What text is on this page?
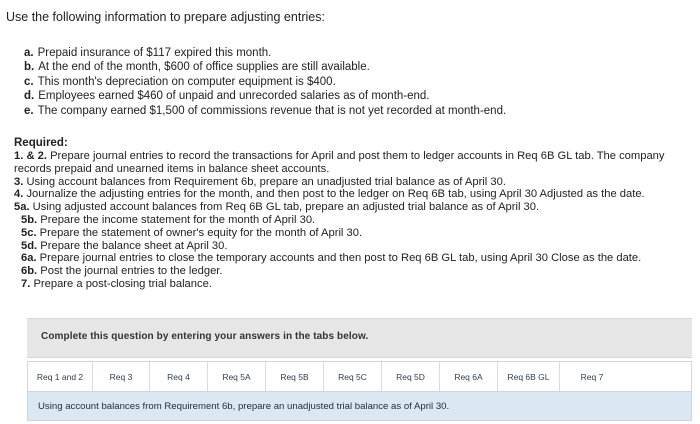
Use the following information to prepare adjusting entries:
a. Prepaid insurance of $117 expired this month.
b. At the end of the month, $600 of office supplies are still available.
c. This month's depreciation on computer equipment is $400.
d. Employees earned $460 of unpaid and unrecorded salaries as of month-end.
e. The company earned $1,500 of commissions revenue that is not yet recorded at month-end.
Required:
1. & 2. Prepare journal entries to record the transactions for April and post them to ledger accounts in Req 6B GL tab. The company records prepaid and unearned items in balance sheet accounts.
3. Using account balances from Requirement 6b, prepare an unadjusted trial balance as of April 30.
4. Journalize the adjusting entries for the month, and then post to the ledger on Req 6B tab, using April 30 Adjusted as the date.
5a. Using adjusted account balances from Req 6B GL tab, prepare an adjusted trial balance as of April 30.
5b. Prepare the income statement for the month of April 30.
5c. Prepare the statement of owner's equity for the month of April 30.
5d. Prepare the balance sheet at April 30.
6a. Prepare journal entries to close the temporary accounts and then post to Req 6B GL tab, using April 30 Close as the date.
6b. Post the journal entries to the ledger.
7. Prepare a post-closing trial balance.
Complete this question by entering your answers in the tabs below.
Req 1 and 2	Req 3	Req 4	Req 5A	Req 5B	Req 5C	Req 5D	Req 6A	Req 6B GL	Req 7
Using account balances from Requirement 6b, prepare an unadjusted trial balance as of April 30.
